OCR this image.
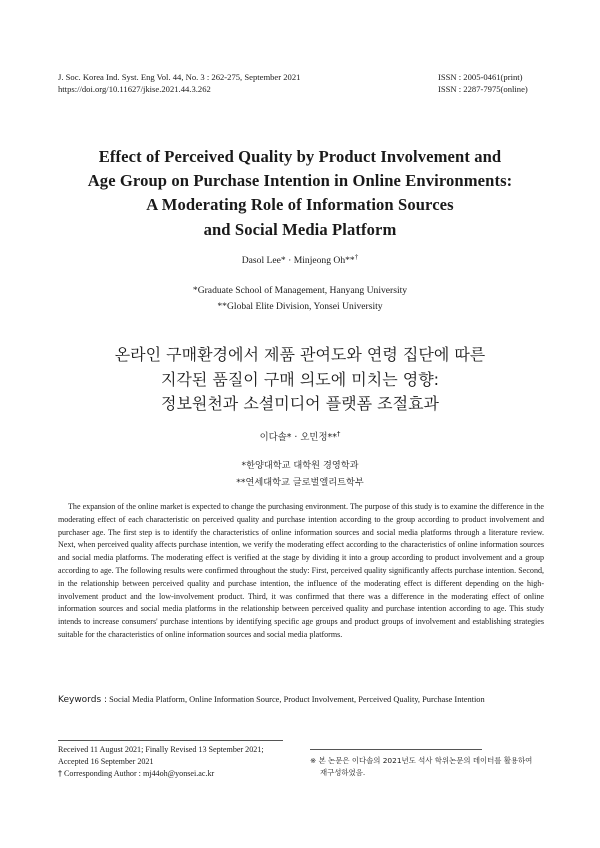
J. Soc. Korea Ind. Syst. Eng Vol. 44, No. 3 : 262-275, September 2021
https://doi.org/10.11627/jkise.2021.44.3.262
ISSN : 2005-0461(print)
ISSN : 2287-7975(online)
Effect of Perceived Quality by Product Involvement and
Age Group on Purchase Intention in Online Environments:
A Moderating Role of Information Sources
and Social Media Platform
Dasol Lee* · Minjeong Oh**†
*Graduate School of Management, Hanyang University
**Global Elite Division, Yonsei University
온라인 구매환경에서 제품 관여도와 연령 집단에 따른
지각된 품질이 구매 의도에 미치는 영향:
정보원천과 소셜미디어 플랫폼 조절효과
이다솔* · 오민정**†
*한양대학교 대학원 경영학과
**연세대학교 글로벌엘리트학부

The expansion of the online market is expected to change the purchasing environment. The purpose of this study is to examine the difference in the moderating effect of each characteristic on perceived quality and purchase intention according to the group according to product involvement and purchaser age. The first step is to identify the characteristics of online information sources and social media platforms through a literature review. Next, when perceived quality affects purchase intention, we verify the moderating effect according to the characteristics of online information sources and social media platforms. The moderating effect is verified at the stage by dividing it into a group according to product involvement and a group according to age. The following results were confirmed throughout the study: First, perceived quality significantly affects purchase intention. Second, in the relationship between perceived quality and purchase intention, the influence of the moderating effect is different depending on the high-involvement product and the low-involvement product. Third, it was confirmed that there was a difference in the moderating effect of online information sources and social media platforms in the relationship between perceived quality and purchase intention according to age. This study intends to increase consumers' purchase intentions by identifying specific age groups and product groups of involvement and establishing strategies suitable for the characteristics of online information sources and social media platforms.

Keywords : Social Media Platform, Online Information Source, Product Involvement, Perceived Quality, Purchase Intention
Received 11 August 2021; Finally Revised 13 September 2021;
Accepted 16 September 2021
† Corresponding Author : mj44oh@yonsei.ac.kr
※ 본 논문은 이다솔의 2021년도 석사 학위논문의 데이터를 활용하여
재구성하였음.
